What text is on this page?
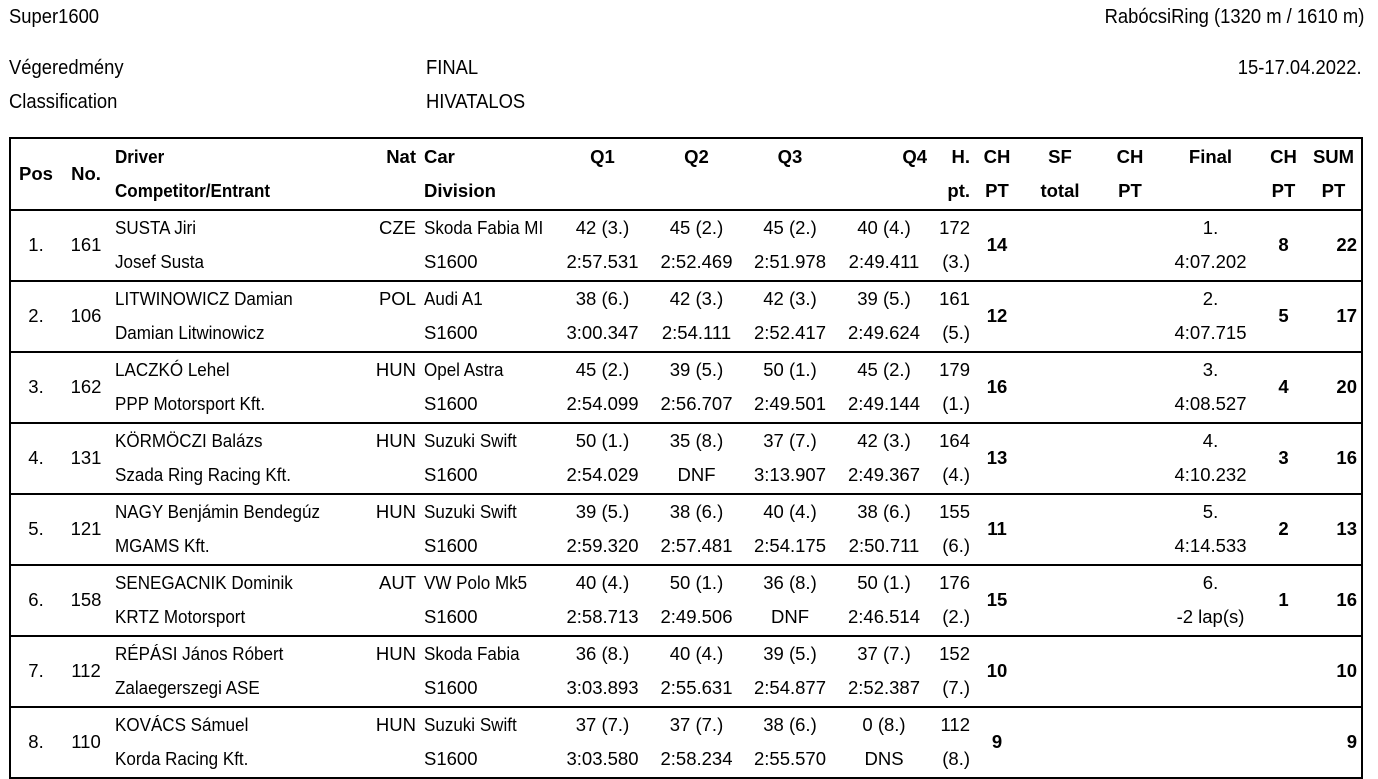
Super1600	RabócsiRing (1320 m / 1610 m)
Végeredmény
Classification
FINAL
HIVATALOS
15-17.04.2022.
Pos	No.	Driver	Nat	Car	Q1	Q2	Q3	Q4	H.	CH	SF	CH	Final	CH	SUM
		Competitor/Entrant		Division					pt.	PT	total	PT		PT	PT
1.	161	SUSTA Jiri	CZE	Skoda Fabia MI	42 (3.)	45 (2.)	45 (2.)	40 (4.)	172	14			1.	8	22
		Josef Susta		S1600	2:57.531	2:52.469	2:51.978	2:49.411	(3.)				4:07.202		
2.	106	LITWINOWICZ Damian	POL	Audi A1	38 (6.)	42 (3.)	42 (3.)	39 (5.)	161	12			2.	5	17
		Damian Litwinowicz		S1600	3:00.347	2:54.111	2:52.417	2:49.624	(5.)				4:07.715		
3.	162	LACZKÓ Lehel	HUN	Opel Astra	45 (2.)	39 (5.)	50 (1.)	45 (2.)	179	16			3.	4	20
		PPP Motorsport Kft.		S1600	2:54.099	2:56.707	2:49.501	2:49.144	(1.)				4:08.527		
4.	131	KÖRMÖCZI Balázs	HUN	Suzuki Swift	50 (1.)	35 (8.)	37 (7.)	42 (3.)	164	13			4.	3	16
		Szada Ring Racing Kft.		S1600	2:54.029	DNF	3:13.907	2:49.367	(4.)				4:10.232		
5.	121	NAGY Benjámin Bendegúz	HUN	Suzuki Swift	39 (5.)	38 (6.)	40 (4.)	38 (6.)	155	11			5.	2	13
		MGAMS Kft.		S1600	2:59.320	2:57.481	2:54.175	2:50.711	(6.)				4:14.533		
6.	158	SENEGACNIK Dominik	AUT	VW Polo Mk5	40 (4.)	50 (1.)	36 (8.)	50 (1.)	176	15			6.	1	16
		KRTZ Motorsport		S1600	2:58.713	2:49.506	DNF	2:46.514	(2.)				-2 lap(s)		
7.	112	RÉPÁSI János Róbert	HUN	Skoda Fabia	36 (8.)	40 (4.)	39 (5.)	37 (7.)	152	10					10
		Zalaegerszegi ASE		S1600	3:03.893	2:55.631	2:54.877	2:52.387	(7.)						
8.	110	KOVÁCS Sámuel	HUN	Suzuki Swift	37 (7.)	37 (7.)	38 (6.)	0 (8.)	112	9					9
		Korda Racing Kft.		S1600	3:03.580	2:58.234	2:55.570	DNS	(8.)						
